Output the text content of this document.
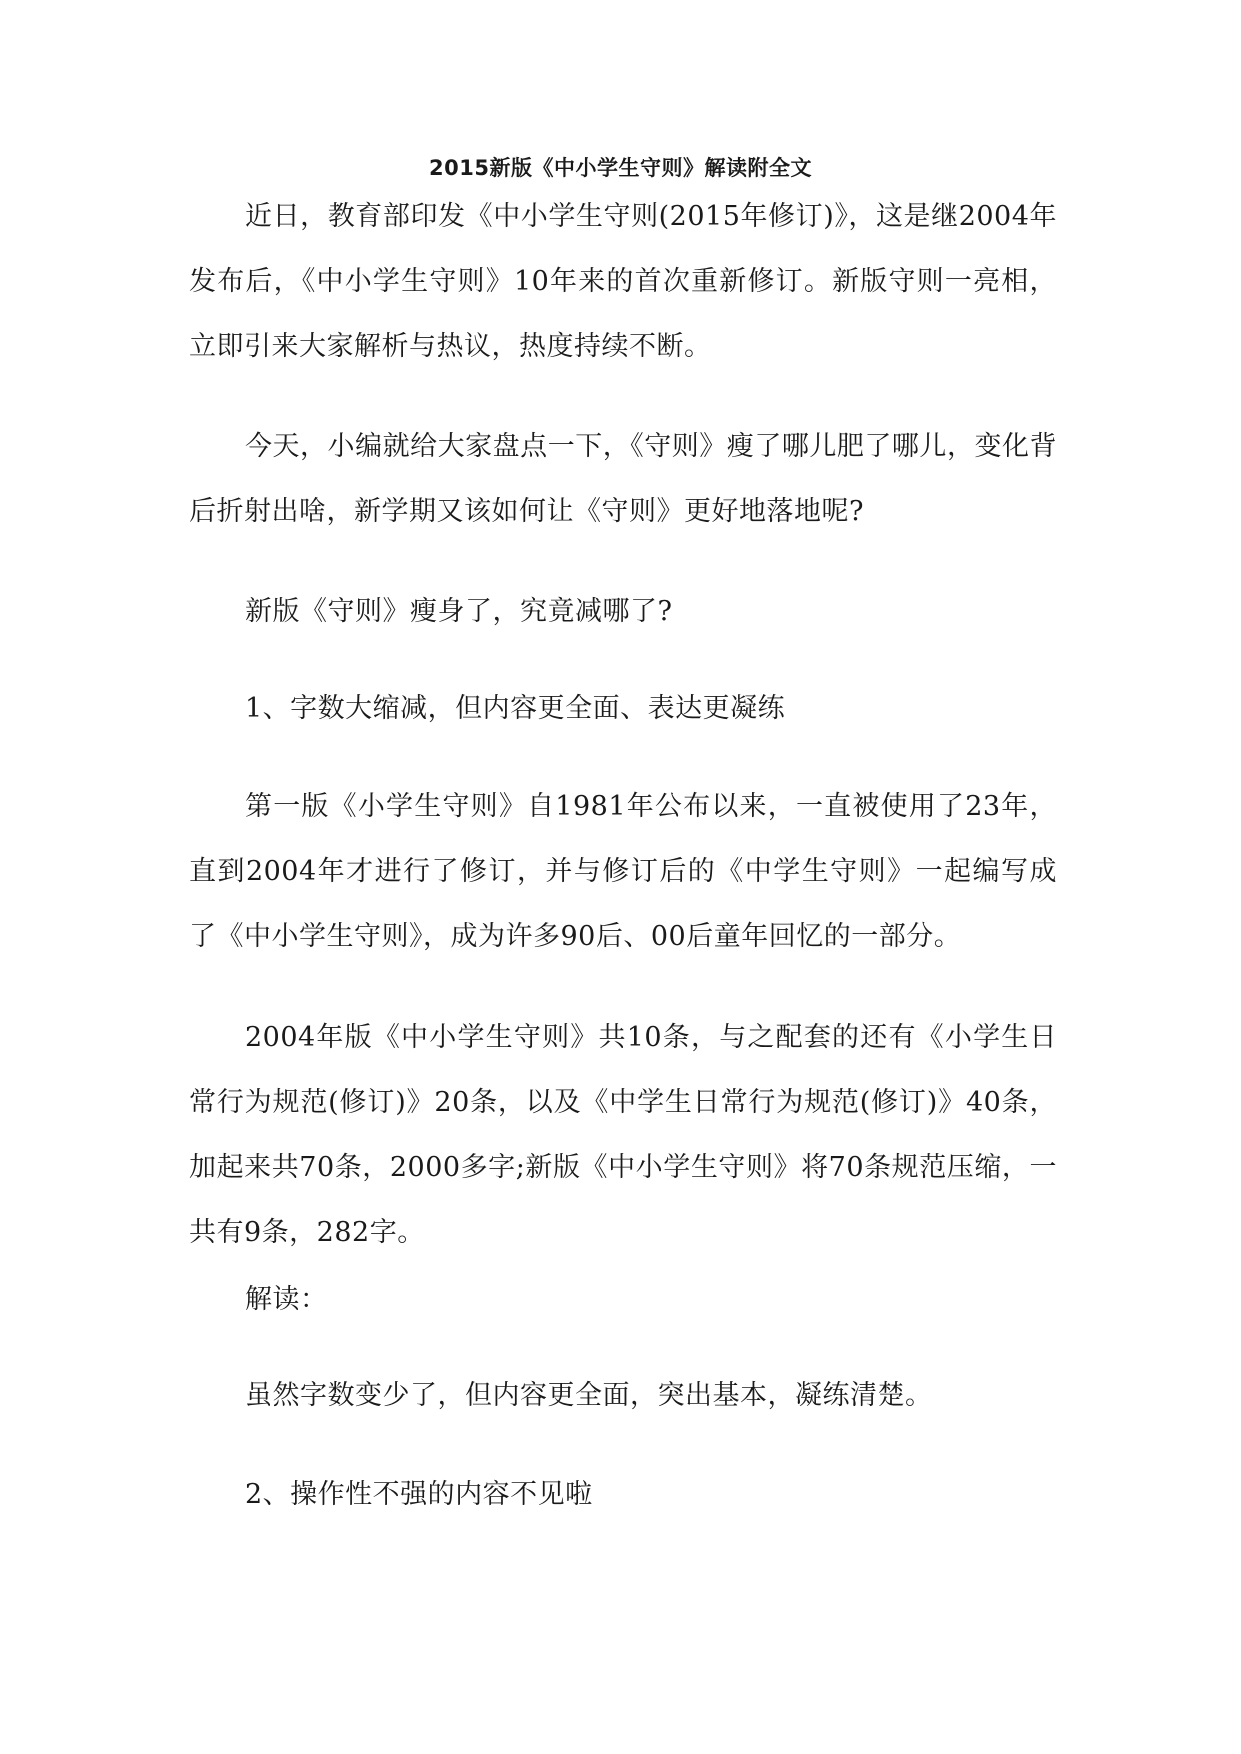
2015新版《中小学生守则》解读附全文

近日，教育部印发《中小学生守则(2015年修订)》，这是继2004年发布后，《中小学生守则》10年来的首次重新修订。新版守则一亮相，立即引来大家解析与热议，热度持续不断。

今天，小编就给大家盘点一下，《守则》瘦了哪儿肥了哪儿，变化背后折射出啥，新学期又该如何让《守则》更好地落地呢?

新版《守则》瘦身了，究竟减哪了?

1、字数大缩减，但内容更全面、表达更凝练

第一版《小学生守则》自1981年公布以来，一直被使用了23年，直到2004年才进行了修订，并与修订后的《中学生守则》一起编写成了《中小学生守则》，成为许多90后、00后童年回忆的一部分。

2004年版《中小学生守则》共10条，与之配套的还有《小学生日常行为规范(修订)》20条，以及《中学生日常行为规范(修订)》40条，加起来共70条，2000多字;新版《中小学生守则》将70条规范压缩，一共有9条，282字。

解读：

虽然字数变少了，但内容更全面，突出基本，凝练清楚。

2、操作性不强的内容不见啦
